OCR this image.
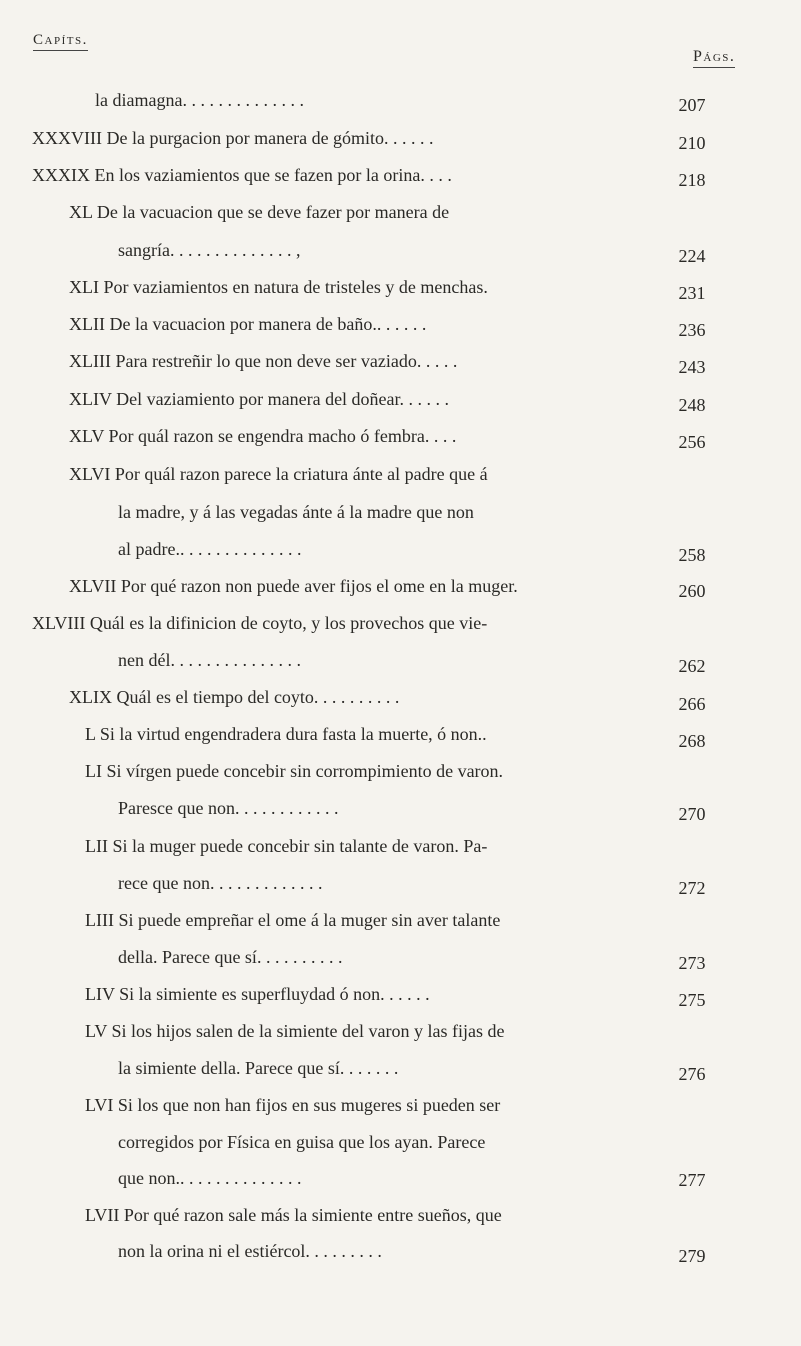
Capíts.
Págs.
la diamagna. . . . . . . . . . . . . .
XXXVIII De la purgacion por manera de gómito. . . . . .
XXXIX En los vaziamientos que se fazen por la orina. . . .
XL De la vacuacion que se deve fazer por manera de
sangría. . . . . . . . . . . . . . ,
XLI Por vaziamientos en natura de tristeles y de menchas.
XLII De la vacuacion por manera de baño.. . . . . .
XLIII Para restreñir lo que non deve ser vaziado. . . . .
XLIV Del vaziamiento por manera del doñear. . . . . .
XLV Por quál razon se engendra macho ó fembra. . . .
XLVI Por quál razon parece la criatura ánte al padre que á
la madre, y á las vegadas ánte á la madre que non
al padre.. . . . . . . . . . . . . .
XLVII Por qué razon non puede aver fijos el ome en la muger.
XLVIII Quál es la difinicion de coyto, y los provechos que vie-
nen dél. . . . . . . . . . . . . . .
XLIX Quál es el tiempo del coyto. . . . . . . . . .
L Si la virtud engendradera dura fasta la muerte, ó non..
LI Si vírgen puede concebir sin corrompimiento de varon.
Paresce que non. . . . . . . . . . . .
LII Si la muger puede concebir sin talante de varon. Pa-
rece que non. . . . . . . . . . . . .
LIII Si puede empreñar el ome á la muger sin aver talante
della. Parece que sí. . . . . . . . . .
LIV Si la simiente es superfluydad ó non. . . . . .
LV Si los hijos salen de la simiente del varon y las fijas de
la simiente della. Parece que sí. . . . . . .
LVI Si los que non han fijos en sus mugeres si pueden ser
corregidos por Física en guisa que los ayan. Parece
que non.. . . . . . . . . . . . . .
LVII Por qué razon sale más la simiente entre sueños, que
non la orina ni el estiércol. . . . . . . . .
207
210
218
224
231
236
243
248
256
258
260
262
266
268
270
272
273
275
276
277
279
